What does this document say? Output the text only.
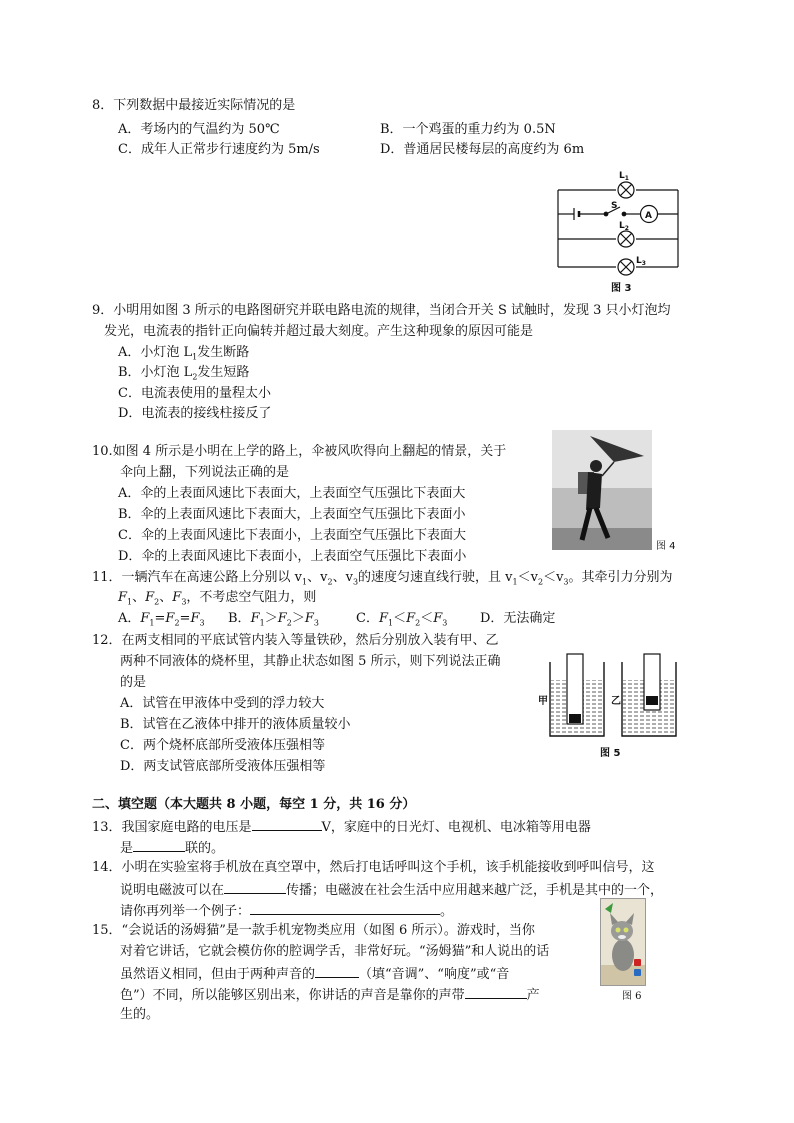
8．下列数据中最接近实际情况的是
A．考场内的气温约为 50℃	B．一个鸡蛋的重力约为 0.5N
C．成年人正常步行速度约为 5m/s	D．普通居民楼每层的高度约为 6m
$L_1$
S
A
$L_2$
$L_3$
图 3
9．小明用如图 3 所示的电路图研究并联电路电流的规律，当闭合开关 S 试触时，发现 3 只小灯泡均
发光，电流表的指针正向偏转并超过最大刻度。产生这种现象的原因可能是
A．小灯泡 $L_1$发生断路
B．小灯泡 $L_2$发生短路
C．电流表使用的量程太小
D．电流表的接线柱接反了
10.如图 4 所示是小明在上学的路上，伞被风吹得向上翻起的情景，关于
伞向上翻，下列说法正确的是
A．伞的上表面风速比下表面大，上表面空气压强比下表面大
B．伞的上表面风速比下表面大，上表面空气压强比下表面小
C．伞的上表面风速比下表面小，上表面空气压强比下表面大
D．伞的上表面风速比下表面小，上表面空气压强比下表面小
图 4
11．一辆汽车在高速公路上分别以 $v_1$、$v_2$、$v_3$的速度匀速直线行驶，且 $v_1<v_2<v_3$。其牵引力分别为
$F_1$、$F_2$、$F_3$，不考虑空气阻力，则
A．$F_1=F_2=F_3$ B．$F_1>F_2>F_3$	C．$F_1<F_2<F_3$	D．无法确定
12．在两支相同的平底试管内装入等量铁砂，然后分别放入装有甲、乙
两种不同液体的烧杯里，其静止状态如图 5 所示，则下列说法正确
的是
A．试管在甲液体中受到的浮力较大
B．试管在乙液体中排开的液体质量较小
C．两个烧杯底部所受液体压强相等
D．两支试管底部所受液体压强相等
甲	乙
图 5
二、填空题（本大题共 8 小题，每空 1 分，共 16 分）
13．我国家庭电路的电压是	V，家庭中的日光灯、电视机、电冰箱等用电器
是	联的。
14．小明在实验室将手机放在真空罩中，然后打电话呼叫这个手机，该手机能接收到呼叫信号，这
说明电磁波可以在	传播；电磁波在社会生活中应用越来越广泛，手机是其中的一个，
请你再列举一个例子：	。
15．“会说话的汤姆猫”是一款手机宠物类应用（如图 6 所示）。游戏时，当你
对着它讲话，它就会模仿你的腔调学舌，非常好玩。“汤姆猫”和人说出的话
虽然语义相同，但由于两种声音的	（填“音调”、“响度”或“音
色”）不同，所以能够区别出来，你讲话的声音是靠你的声带	产
生的。
图 6
